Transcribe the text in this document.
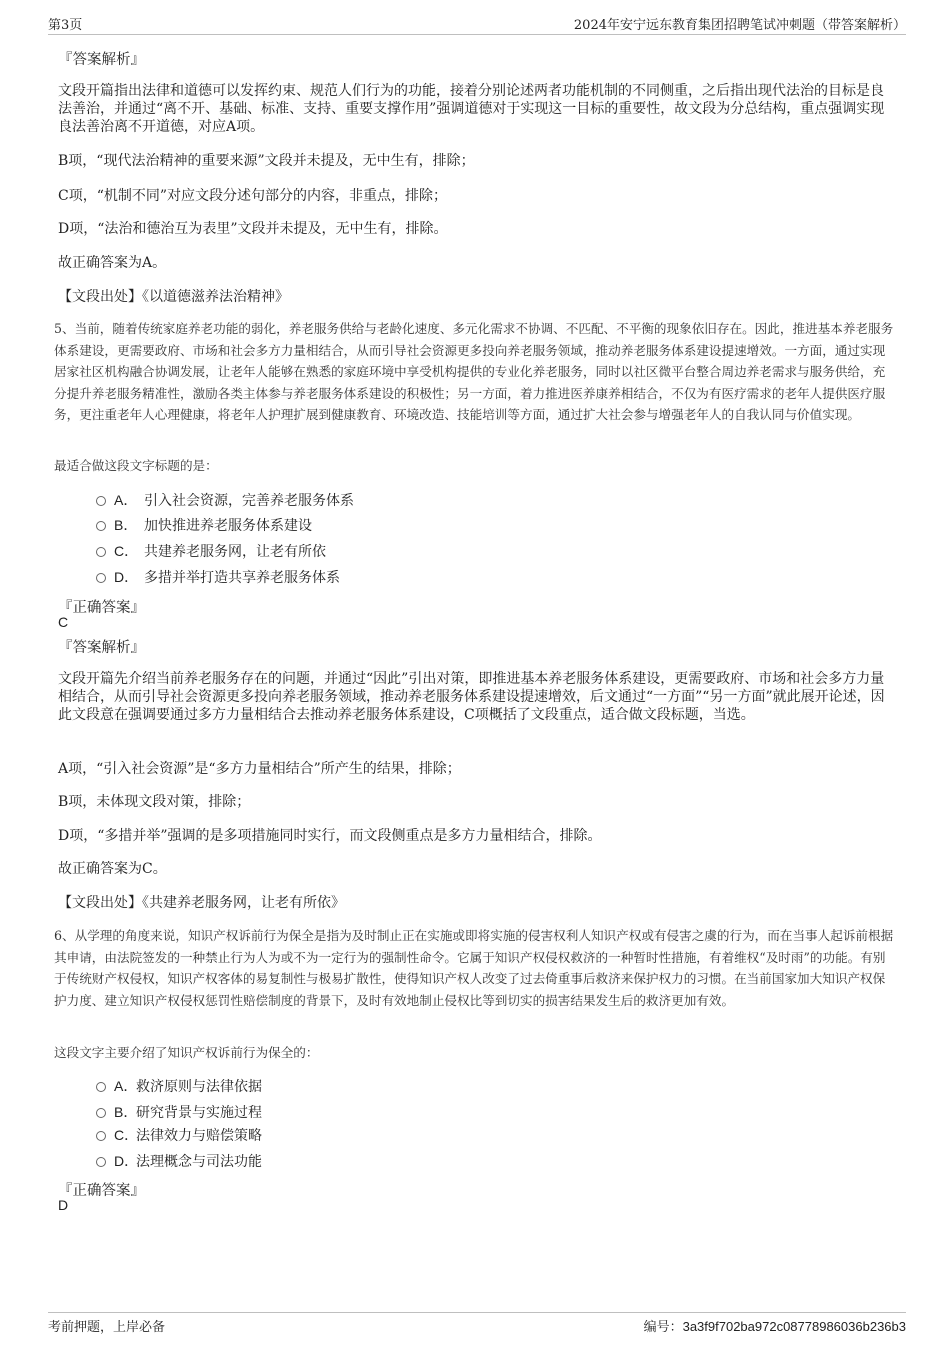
第3页	2024年安宁远东教育集团招聘笔试冲刺题（带答案解析）
『答案解析』
文段开篇指出法律和道德可以发挥约束、规范人们行为的功能，接着分别论述两者功能机制的不同侧重，之后指出现代法治的目标是良法善治，并通过“离不开、基础、标准、支持、重要支撑作用”强调道德对于实现这一目标的重要性，故文段为分总结构，重点强调实现良法善治离不开道德，对应A项。
B项，“现代法治精神的重要来源”文段并未提及，无中生有，排除；
C项，“机制不同”对应文段分述句部分的内容，非重点，排除；
D项，“法治和德治互为表里”文段并未提及，无中生有，排除。
故正确答案为A。
【文段出处】《以道德滋养法治精神》
5、当前，随着传统家庭养老功能的弱化，养老服务供给与老龄化速度、多元化需求不协调、不匹配、不平衡的现象依旧存在。因此，推进基本养老服务体系建设，更需要政府、市场和社会多方力量相结合，从而引导社会资源更多投向养老服务领域，推动养老服务体系建设提速增效。一方面，通过实现居家社区机构融合协调发展，让老年人能够在熟悉的家庭环境中享受机构提供的专业化养老服务，同时以社区微平台整合周边养老需求与服务供给，充分提升养老服务精准性，激励各类主体参与养老服务体系建设的积极性；另一方面，着力推进医养康养相结合，不仅为有医疗需求的老年人提供医疗服务，更注重老年人心理健康，将老年人护理扩展到健康教育、环境改造、技能培训等方面，通过扩大社会参与增强老年人的自我认同与价值实现。
最适合做这段文字标题的是：
A． 引入社会资源，完善养老服务体系
B． 加快推进养老服务体系建设
C． 共建养老服务网，让老有所依
D． 多措并举打造共享养老服务体系
『正确答案』
C
『答案解析』
文段开篇先介绍当前养老服务存在的问题，并通过“因此”引出对策，即推进基本养老服务体系建设，更需要政府、市场和社会多方力量相结合，从而引导社会资源更多投向养老服务领域，推动养老服务体系建设提速增效，后文通过“一方面”“另一方面”就此展开论述，因此文段意在强调要通过多方力量相结合去推动养老服务体系建设，C项概括了文段重点，适合做文段标题，当选。
A项，“引入社会资源”是“多方力量相结合”所产生的结果，排除；
B项，未体现文段对策，排除；
D项，“多措并举”强调的是多项措施同时实行，而文段侧重点是多方力量相结合，排除。
故正确答案为C。
【文段出处】《共建养老服务网，让老有所依》
6、从学理的角度来说，知识产权诉前行为保全是指为及时制止正在实施或即将实施的侵害权利人知识产权或有侵害之虞的行为，而在当事人起诉前根据其申请，由法院签发的一种禁止行为人为或不为一定行为的强制性命令。它属于知识产权侵权救济的一种暂时性措施，有着维权“及时雨”的功能。有别于传统财产权侵权，知识产权客体的易复制性与极易扩散性，使得知识产权人改变了过去倚重事后救济来保护权力的习惯。在当前国家加大知识产权保护力度、建立知识产权侵权惩罚性赔偿制度的背景下，及时有效地制止侵权比等到切实的损害结果发生后的救济更加有效。
这段文字主要介绍了知识产权诉前行为保全的：
A．救济原则与法律依据
B．研究背景与实施过程
C．法律效力与赔偿策略
D．法理概念与司法功能
『正确答案』
D
考前押题，上岸必备	编号：3a3f9f702ba972c08778986036b236b3
